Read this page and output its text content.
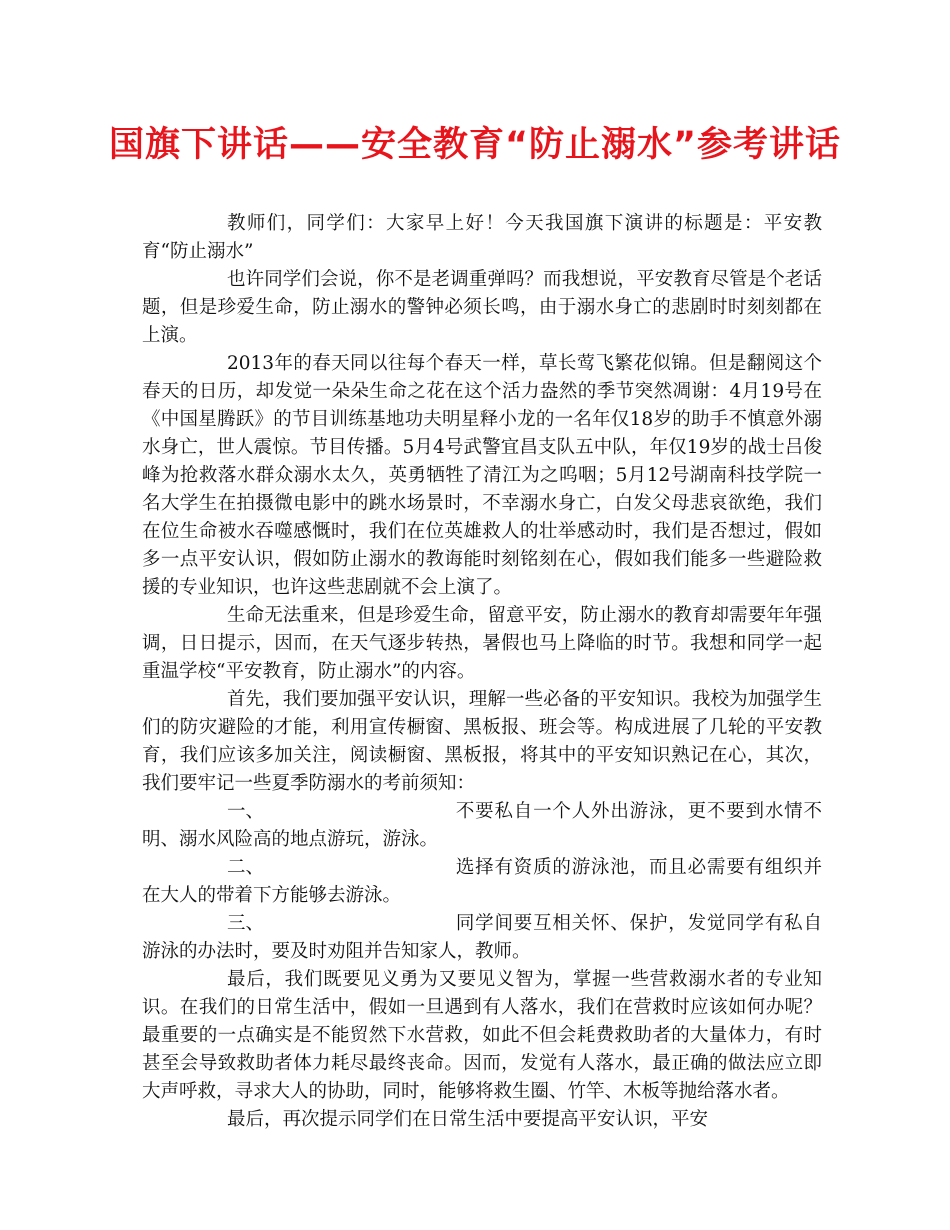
国旗下讲话——安全教育“防止溺水”参考讲话

教师们，同学们：大家早上好！今天我国旗下演讲的标题是：平安教育“防止溺水”

也许同学们会说，你不是老调重弹吗？而我想说，平安教育尽管是个老话题，但是珍爱生命，防止溺水的警钟必须长鸣，由于溺水身亡的悲剧时时刻刻都在上演。

2013年的春天同以往每个春天一样，草长莺飞繁花似锦。但是翻阅这个春天的日历，却发觉一朵朵生命之花在这个活力盎然的季节突然凋谢：4月19号在《中国星腾跃》的节目训练基地功夫明星释小龙的一名年仅18岁的助手不慎意外溺水身亡，世人震惊。节目传播。5月4号武警宜昌支队五中队，年仅19岁的战士吕俊峰为抢救落水群众溺水太久，英勇牺牲了清江为之呜咽；5月12号湖南科技学院一名大学生在拍摄微电影中的跳水场景时，不幸溺水身亡，白发父母悲哀欲绝，我们在位生命被水吞噬感慨时，我们在位英雄救人的壮举感动时，我们是否想过，假如多一点平安认识，假如防止溺水的教诲能时刻铭刻在心，假如我们能多一些避险救援的专业知识，也许这些悲剧就不会上演了。

生命无法重来，但是珍爱生命，留意平安，防止溺水的教育却需要年年强调，日日提示，因而，在天气逐步转热，暑假也马上降临的时节。我想和同学一起重温学校“平安教育，防止溺水”的内容。

首先，我们要加强平安认识，理解一些必备的平安知识。我校为加强学生们的防灾避险的才能，利用宣传橱窗、黑板报、班会等。构成进展了几轮的平安教育，我们应该多加关注，阅读橱窗、黑板报，将其中的平安知识熟记在心，其次，我们要牢记一些夏季防溺水的考前须知：

一、	不要私自一个人外出游泳，更不要到水情不明、溺水风险高的地点游玩，游泳。

二、	选择有资质的游泳池，而且必需要有组织并在大人的带着下方能够去游泳。

三、	同学间要互相关怀、保护，发觉同学有私自游泳的办法时，要及时劝阻并告知家人，教师。

最后，我们既要见义勇为又要见义智为，掌握一些营救溺水者的专业知识。在我们的日常生活中，假如一旦遇到有人落水，我们在营救时应该如何办呢？最重要的一点确实是不能贸然下水营救，如此不但会耗费救助者的大量体力，有时甚至会导致救助者体力耗尽最终丧命。因而，发觉有人落水，最正确的做法应立即大声呼救，寻求大人的协助，同时，能够将救生圈、竹竿、木板等抛给落水者。

最后，再次提示同学们在日常生活中要提高平安认识，平安
